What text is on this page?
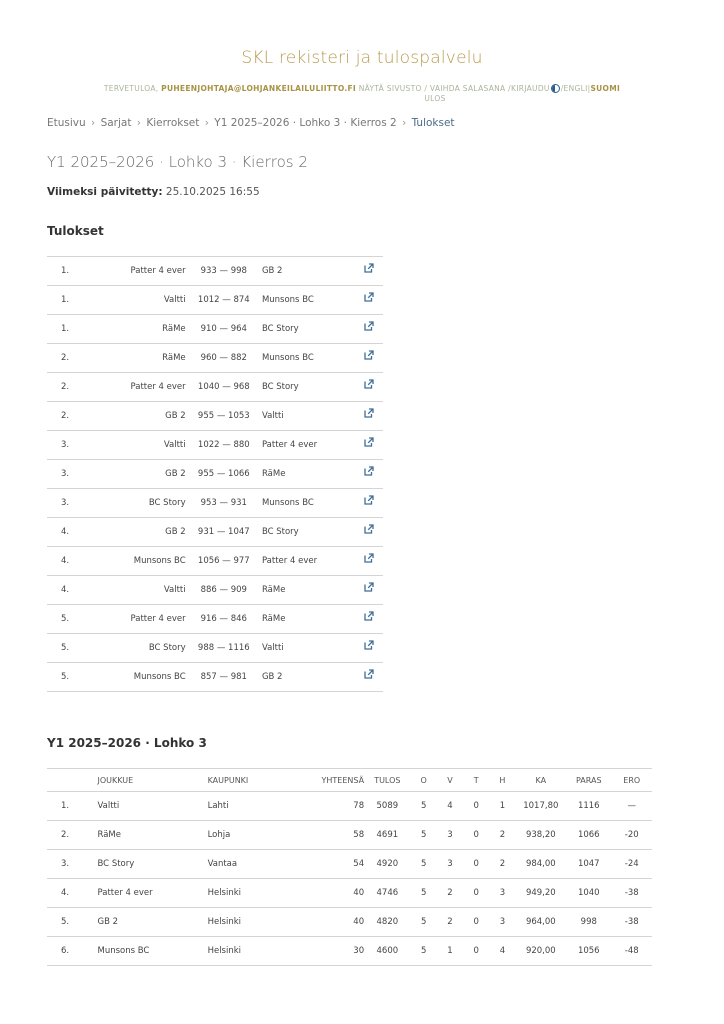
SKL rekisteri ja tulospalvelu
TERVETULOA, PUHEENJOHTAJA@LOHJANKEILAILULIITTO.FI NÄYTÄ SIVUSTO / VAIHDA SALASANA /KIRJAUDU /ENGLI|SUOMI
ULOS
Etusivu › Sarjat › Kierrokset › Y1 2025–2026 · Lohko 3 · Kierros 2 › Tulokset
Y1 2025–2026 · Lohko 3 · Kierros 2
Viimeksi päivitetty: 25.10.2025 16:55
Tulokset
1.	Patter 4 ever	933 — 998	GB 2	
1.	Valtti	1012 — 874	Munsons BC	
1.	RäMe	910 — 964	BC Story	
2.	RäMe	960 — 882	Munsons BC	
2.	Patter 4 ever	1040 — 968	BC Story	
2.	GB 2	955 — 1053	Valtti	
3.	Valtti	1022 — 880	Patter 4 ever	
3.	GB 2	955 — 1066	RäMe	
3.	BC Story	953 — 931	Munsons BC	
4.	GB 2	931 — 1047	BC Story	
4.	Munsons BC	1056 — 977	Patter 4 ever	
4.	Valtti	886 — 909	RäMe	
5.	Patter 4 ever	916 — 846	RäMe	
5.	BC Story	988 — 1116	Valtti	
5.	Munsons BC	857 — 981	GB 2	
Y1 2025–2026 · Lohko 3
	JOUKKUE	KAUPUNKI	YHTEENSÄ	TULOS	O	V	T	H	KA	PARAS	ERO
1.	Valtti	Lahti	78	5089	5	4	0	1	1017,80	1116	—
2.	RäMe	Lohja	58	4691	5	3	0	2	938,20	1066	-20
3.	BC Story	Vantaa	54	4920	5	3	0	2	984,00	1047	-24
4.	Patter 4 ever	Helsinki	40	4746	5	2	0	3	949,20	1040	-38
5.	GB 2	Helsinki	40	4820	5	2	0	3	964,00	998	-38
6.	Munsons BC	Helsinki	30	4600	5	1	0	4	920,00	1056	-48
